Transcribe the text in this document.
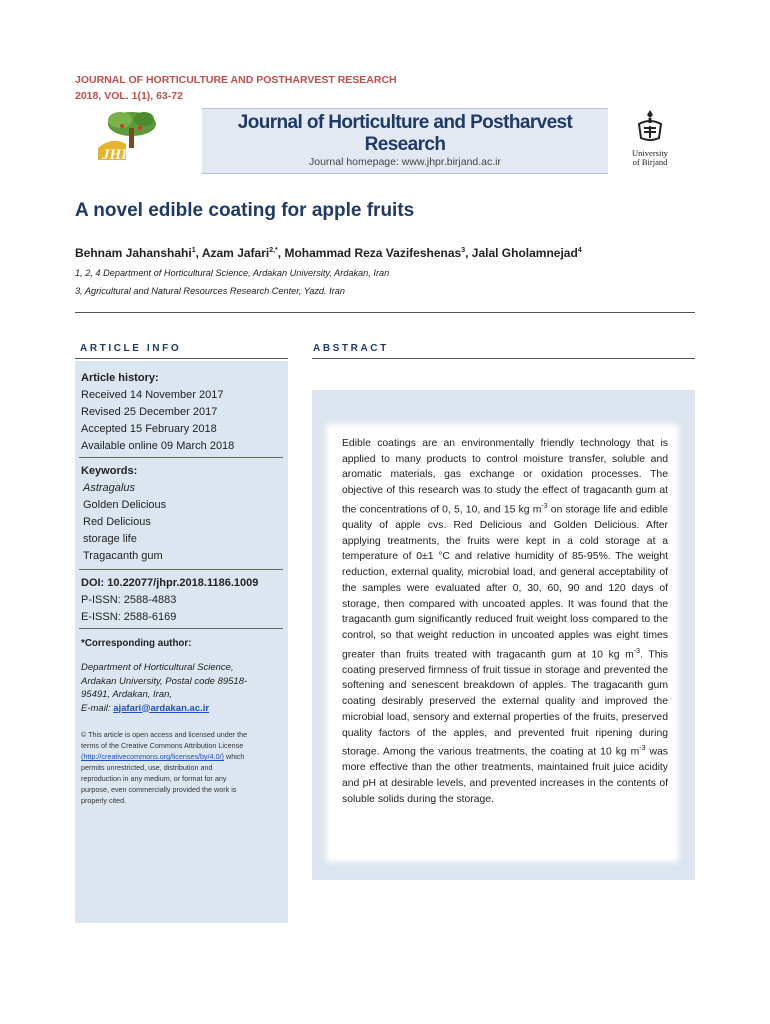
JOURNAL OF HORTICULTURE AND POSTHARVEST RESEARCH
2018, VOL. 1(1), 63-72
JHPR
Journal of Horticulture and Postharvest Research
Journal homepage: www.jhpr.birjand.ac.ir
University
of Birjand
A novel edible coating for apple fruits
Behnam Jahanshahi$^1$, Azam Jafari$^{2,*}$, Mohammad Reza Vazifeshenas$^3$, Jalal Gholamnejad$^4$
1, 2, 4 Department of Horticultural Science, Ardakan University, Ardakan, Iran
3, Agricultural and Natural Resources Research Center, Yazd. Iran
ARTICLE INFO	ABSTRACT
Article history:
Received 14 November 2017
Revised 25 December 2017
Accepted 15 February 2018
Available online 09 March 2018
Keywords:
Astragalus
Golden Delicious
Red Delicious
storage life
Tragacanth gum
DOI: 10.22077/jhpr.2018.1186.1009
P-ISSN: 2588-4883
E-ISSN: 2588-6169
*Corresponding author:
Department of Horticultural Science,
Ardakan University, Postal code 89518-
95491, Ardakan, Iran,
E-mail: ajafari@ardakan.ac.ir
© This article is open access and licensed under the
terms of the Creative Commons Attribution License
(http://creativecommons.org/licenses/by/4.0/) which
permits unrestricted, use, distribution and
reproduction in any medium, or format for any
purpose, even commercially provided the work is
properly cited.
Edible coatings are an environmentally friendly technology that is applied to many products to control moisture transfer, soluble and aromatic materials, gas exchange or oxidation processes. The objective of this research was to study the effect of tragacanth gum at the concentrations of 0, 5, 10, and 15 kg $m^{-3}$ on storage life and edible quality of apple cvs. Red Delicious and Golden Delicious. After applying treatments, the fruits were kept in a cold storage at a temperature of 0±1 °C and relative humidity of 85-95%. The weight reduction, external quality, microbial load, and general acceptability of the samples were evaluated after 0, 30, 60, 90 and 120 days of storage, then compared with uncoated apples. It was found that the tragacanth gum significantly reduced fruit weight loss compared to the control, so that weight reduction in uncoated apples was eight times greater than fruits treated with tragacanth gum at 10 kg $m^{-3}$. This coating preserved firmness of fruit tissue in storage and prevented the softening and senescent breakdown of apples. The tragacanth gum coating desirably preserved the external quality and improved the microbial load, sensory and external properties of the fruits, preserved quality factors of the apples, and prevented fruit ripening during storage. Among the various treatments, the coating at 10 kg $m^{-3}$ was more effective than the other treatments, maintained fruit juice acidity and pH at desirable levels, and prevented increases in the contents of soluble solids during the storage.
